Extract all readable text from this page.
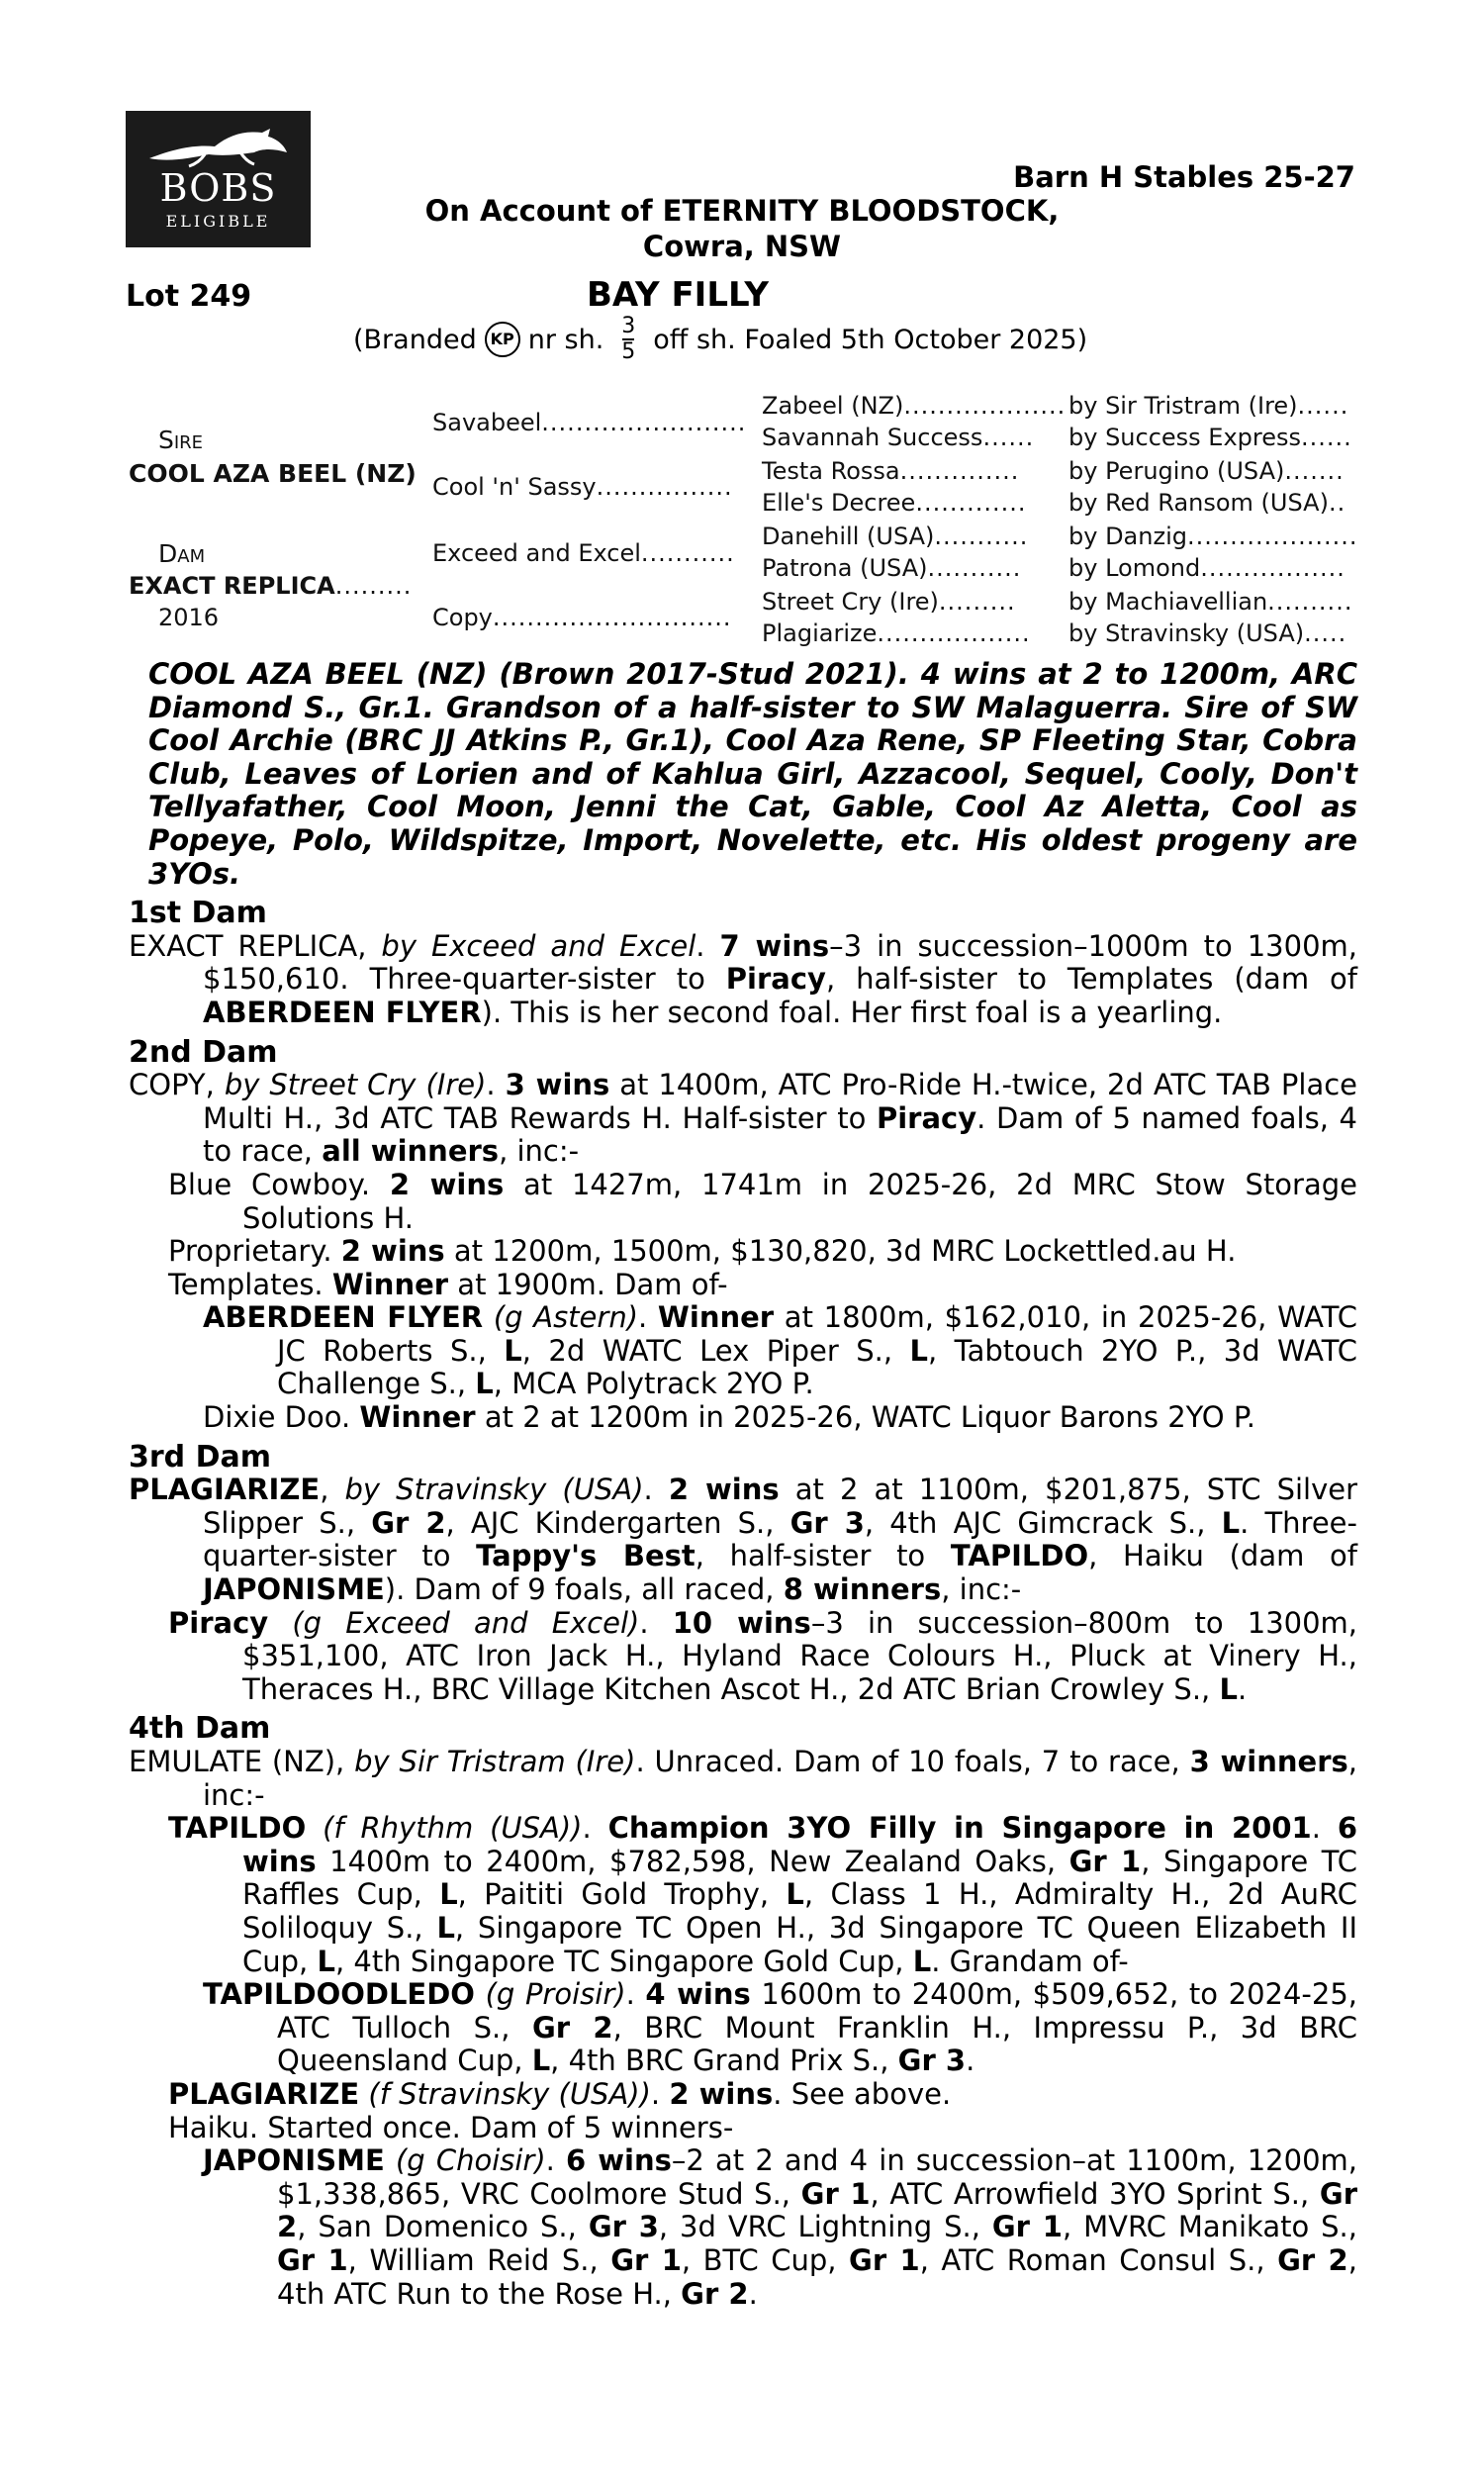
BOBS
ELIGIBLE
Barn H Stables 25-27
On Account of ETERNITY BLOODSTOCK,
Cowra, NSW
Lot 249	BAY FILLY
(Branded KP nr sh. $\frac{3}{5}$ off sh. Foaled 5th October 2025)
Sire
COOL AZA BEEL (NZ)
Dam
EXACT REPLICA.........
2016
Savabeel........................
Cool 'n' Sassy................
Exceed and Excel...........
Copy............................
Zabeel (NZ)...................
Savannah Success......
Testa Rossa..............
Elle's Decree.............
Danehill (USA)...........
Patrona (USA)...........
Street Cry (Ire).........
Plagiarize..................
by Sir Tristram (Ire)......
by Success Express......
by Perugino (USA).......
by Red Ransom (USA)..
by Danzig....................
by Lomond.................
by Machiavellian..........
by Stravinsky (USA).....

COOL AZA BEEL (NZ) (Brown 2017-Stud 2021). 4 wins at 2 to 1200m, ARC Diamond S., Gr.1. Grandson of a half-sister to SW Malaguerra. Sire of SW Cool Archie (BRC JJ Atkins P., Gr.1), Cool Aza Rene, SP Fleeting Star, Cobra Club, Leaves of Lorien and of Kahlua Girl, Azzacool, Sequel, Cooly, Don't Tellyafather, Cool Moon, Jenni the Cat, Gable, Cool Az Aletta, Cool as Popeye, Polo, Wildspitze, Import, Novelette, etc. His oldest progeny are 3YOs.

1st Dam

EXACT REPLICA, by Exceed and Excel. 7 wins–3 in succession–1000m to 1300m, $150,610. Three-quarter-sister to Piracy, half-sister to Templates (dam of ABERDEEN FLYER). This is her second foal. Her first foal is a yearling.

2nd Dam

COPY, by Street Cry (Ire). 3 wins at 1400m, ATC Pro-Ride H.-twice, 2d ATC TAB Place Multi H., 3d ATC TAB Rewards H. Half-sister to Piracy. Dam of 5 named foals, 4 to race, all winners, inc:-

Blue Cowboy. 2 wins at 1427m, 1741m in 2025-26, 2d MRC Stow Storage Solutions H.

Proprietary. 2 wins at 1200m, 1500m, $130,820, 3d MRC Lockettled.au H.

Templates. Winner at 1900m. Dam of-

ABERDEEN FLYER (g Astern). Winner at 1800m, $162,010, in 2025-26, WATC JC Roberts S., L, 2d WATC Lex Piper S., L, Tabtouch 2YO P., 3d WATC Challenge S., L, MCA Polytrack 2YO P.

Dixie Doo. Winner at 2 at 1200m in 2025-26, WATC Liquor Barons 2YO P.

3rd Dam

PLAGIARIZE, by Stravinsky (USA). 2 wins at 2 at 1100m, $201,875, STC Silver Slipper S., Gr 2, AJC Kindergarten S., Gr 3, 4th AJC Gimcrack S., L. Three-quarter-sister to Tappy's Best, half-sister to TAPILDO, Haiku (dam of JAPONISME). Dam of 9 foals, all raced, 8 winners, inc:-

Piracy (g Exceed and Excel). 10 wins–3 in succession–800m to 1300m, $351,100, ATC Iron Jack H., Hyland Race Colours H., Pluck at Vinery H., Theraces H., BRC Village Kitchen Ascot H., 2d ATC Brian Crowley S., L.

4th Dam

EMULATE (NZ), by Sir Tristram (Ire). Unraced. Dam of 10 foals, 7 to race, 3 winners, inc:-

TAPILDO (f Rhythm (USA)). Champion 3YO Filly in Singapore in 2001. 6 wins 1400m to 2400m, $782,598, New Zealand Oaks, Gr 1, Singapore TC Raffles Cup, L, Paititi Gold Trophy, L, Class 1 H., Admiralty H., 2d AuRC Soliloquy S., L, Singapore TC Open H., 3d Singapore TC Queen Elizabeth II Cup, L, 4th Singapore TC Singapore Gold Cup, L. Grandam of-

TAPILDOODLEDO (g Proisir). 4 wins 1600m to 2400m, $509,652, to 2024-25, ATC Tulloch S., Gr 2, BRC Mount Franklin H., Impressu P., 3d BRC Queensland Cup, L, 4th BRC Grand Prix S., Gr 3.

PLAGIARIZE (f Stravinsky (USA)). 2 wins. See above.

Haiku. Started once. Dam of 5 winners-

JAPONISME (g Choisir). 6 wins–2 at 2 and 4 in succession–at 1100m, 1200m, $1,338,865, VRC Coolmore Stud S., Gr 1, ATC Arrowfield 3YO Sprint S., Gr 2, San Domenico S., Gr 3, 3d VRC Lightning S., Gr 1, MVRC Manikato S., Gr 1, William Reid S., Gr 1, BTC Cup, Gr 1, ATC Roman Consul S., Gr 2, 4th ATC Run to the Rose H., Gr 2.
